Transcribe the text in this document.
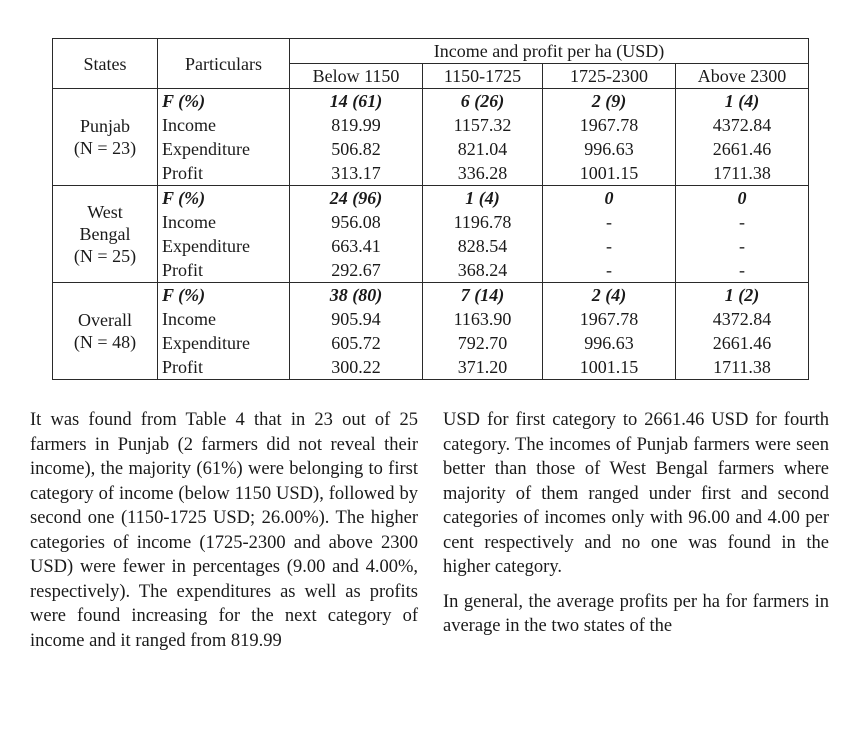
States	Particulars	Income and profit per ha (USD)			
		Below 1150	1150-1725	1725-2300	Above 2300
Punjab
(N = 23)	F (%)	14 (61)	6 (26)	2 (9)	1 (4)
	Income	819.99	1157.32	1967.78	4372.84
	Expenditure	506.82	821.04	996.63	2661.46
	Profit	313.17	336.28	1001.15	1711.38
West
Bengal
(N = 25)	F (%)	24 (96)	1 (4)	0	0
	Income	956.08	1196.78	-	-
	Expenditure	663.41	828.54	-	-
	Profit	292.67	368.24	-	-
Overall
(N = 48)	F (%)	38 (80)	7 (14)	2 (4)	1 (2)
	Income	905.94	1163.90	1967.78	4372.84
	Expenditure	605.72	792.70	996.63	2661.46
	Profit	300.22	371.20	1001.15	1711.38

It was found from Table 4 that in 23 out of 25 farmers in Punjab (2 farmers did not reveal their income), the majority (61%) were belonging to first category of income (below 1150 USD), followed by second one (1150-1725 USD; 26.00%). The higher categories of income (1725-2300 and above 2300 USD) were fewer in percentages (9.00 and 4.00%, respectively). The expenditures as well as profits were found increasing for the next category of income and it ranged from 819.99

USD for first category to 2661.46 USD for fourth category. The incomes of Punjab farmers were seen better than those of West Bengal farmers where majority of them ranged under first and second categories of incomes only with 96.00 and 4.00 per cent respectively and no one was found in the higher category.

In general, the average profits per ha for farmers in average in the two states of the
